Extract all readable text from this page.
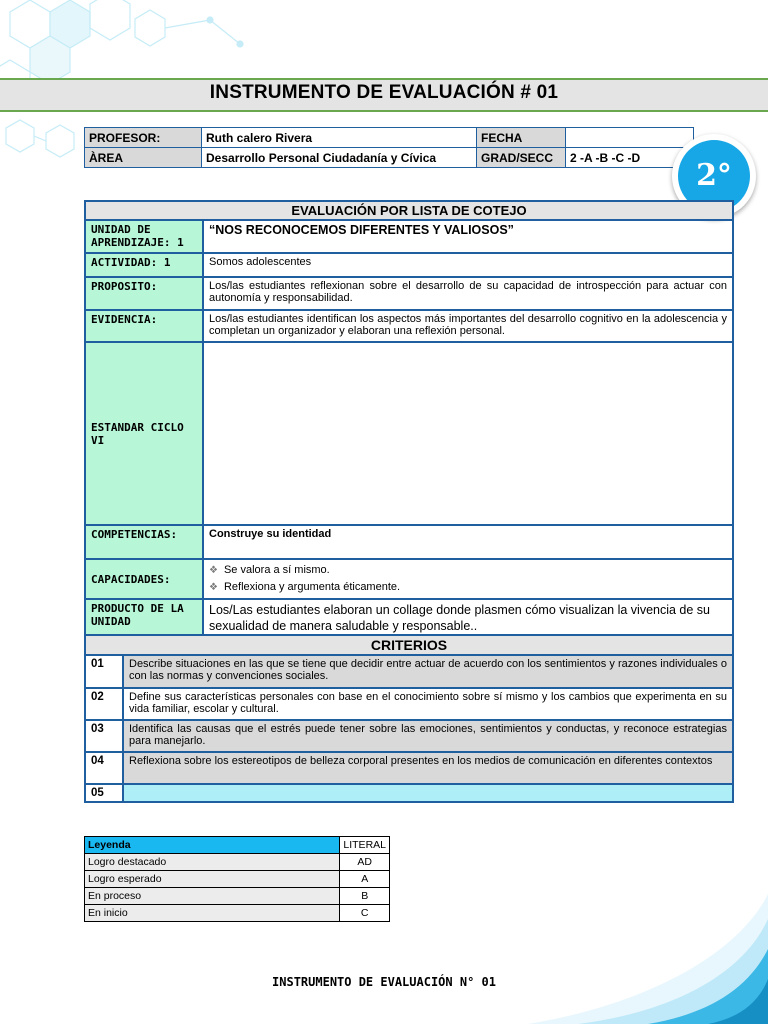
INSTRUMENTO DE EVALUACIÓN # 01
PROFESOR:	Ruth calero Rivera	FECHA	
ÀREA	Desarrollo Personal Ciudadanía y Cívica	GRAD/SECC	2 -A -B -C -D
2°
EVALUACIÓN POR LISTA DE COTEJO	
UNIDAD DE APRENDIZAJE: 1	“NOS RECONOCEMOS DIFERENTES Y VALIOSOS”
ACTIVIDAD: 1	Somos adolescentes
PROPOSITO:	Los/las estudiantes reflexionan sobre el desarrollo de su capacidad de introspección para actuar con autonomía y responsabilidad.
EVIDENCIA:	Los/las estudiantes identifican los aspectos más importantes del desarrollo cognitivo en la adolescencia y completan un organizador y elaboran una reflexión personal.
ESTANDAR CICLO VI	
COMPETENCIAS:	Construye su identidad
CAPACIDADES:	❖ Se valora a sí mismo.
❖ Reflexiona y argumenta éticamente.

PRODUCTO DE LA UNIDAD	Los/Las estudiantes elaboran un collage donde plasmen cómo visualizan la vivencia de su sexualidad de manera saludable y responsable..
CRITERIOS	
01	Describe situaciones en las que se tiene que decidir entre actuar de acuerdo con los sentimientos y razones individuales o con las normas y convenciones sociales.
02	Define sus características personales con base en el conocimiento sobre sí mismo y los cambios que experimenta en su vida familiar, escolar y cultural.
03	Identifica las causas que el estrés puede tener sobre las emociones, sentimientos y conductas, y reconoce estrategias para manejarlo.
04	Reflexiona sobre los estereotipos de belleza corporal presentes en los medios de comunicación en diferentes contextos
05	
Leyenda	LITERAL
Logro destacado	AD
Logro esperado	A
En proceso	B
En inicio	C
INSTRUMENTO DE EVALUACIÓN N° 01
